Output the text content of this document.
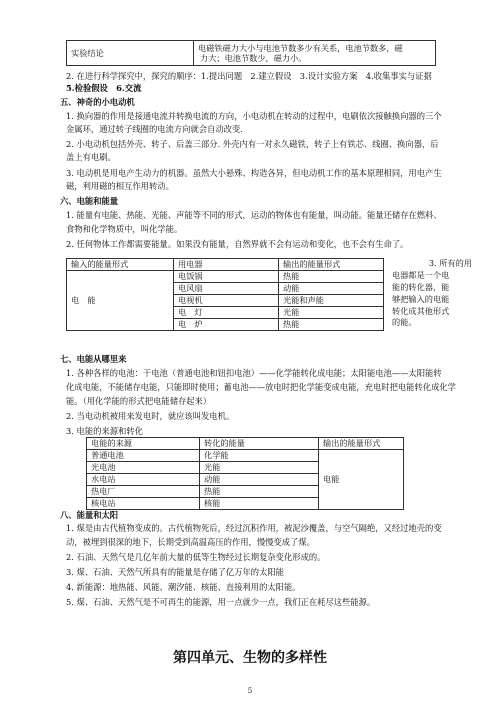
实验结论	
电磁铁磁力大小与电池节数多少有关系，电池节数多，磁
力大；电池节数少，磁力小。
2. 在进行科学探究中，探究的顺序：1.提出问题　2.建立假设　3.设计实验方案　4.收集事实与证据
5.检验假设　6.交流
五、神奇的小电动机
1. 换向器的作用是接通电流并转换电流的方向，小电动机在转动的过程中，电刷依次接触换向器的三个
金属环，通过转子线圈的电流方向就会自动改变.
2. 小电动机包括外壳、转子、后盖三部分. 外壳内有一对永久磁铁，转子上有铁芯、线圈、换向器，后
盖上有电刷。
3. 电动机是用电产生动力的机器。虽然大小悬殊、构造各异，但电动机工作的基本原理相同，用电产生
磁，利用磁的相互作用转动。
六、电能和能量
1. 能量有电能、热能、光能、声能等不同的形式，运动的物体也有能量，叫动能。能量还储存在燃料、
食物和化学物质中，叫化学能。
2. 任何物体工作都需要能量。如果没有能量，自然界就不会有运动和变化，也不会有生命了。
输入的能量形式	用电器	输出的能量形式
电　能	电饭锅	热能
	电风扇	动能
	电视机	光能和声能
	电　灯	光能
	电　炉	热能
3. 所有的用
电器都是一个电
能的转化器，能
够把输入的电能
转化成其他形式
的能。
七、电能从哪里来
1. 各种各样的电池：干电池（普通电池和钮扣电池）——化学能转化成电能；太阳能电池——太阳能转
化成电能，不能储存电能，只能即时使用；蓄电池——放电时把化学能变成电能，充电时把电能转化成化学
能。（用化学能的形式把电能储存起来）
2. 当电动机被用来发电时，就应该叫发电机。
3. 电能的来源和转化
电能的来源	转化的能量	输出的能量形式
普通电池	化学能	电能
光电池	光能	
水电站	动能	
热电厂	热能	
核电站	核能	
八、能量和太阳
1. 煤是由古代植物变成的。古代植物死后，经过沉积作用，被泥沙覆盖，与空气隔绝，又经过地壳的变
动，被埋到很深的地下，长期受到高温高压的作用，慢慢变成了煤。
2. 石油、天然气是几亿年前大量的低等生物经过长期复杂变化形成的。
3. 煤、石油、天然气所具有的能量是存储了亿万年的太阳能
4. 新能源：地热能、风能、潮汐能、核能、直接利用的太阳能。
5. 煤、石油、天然气是不可再生的能源，用一点就少一点，我们正在耗尽这些能源。
第四单元、生物的多样性
5
